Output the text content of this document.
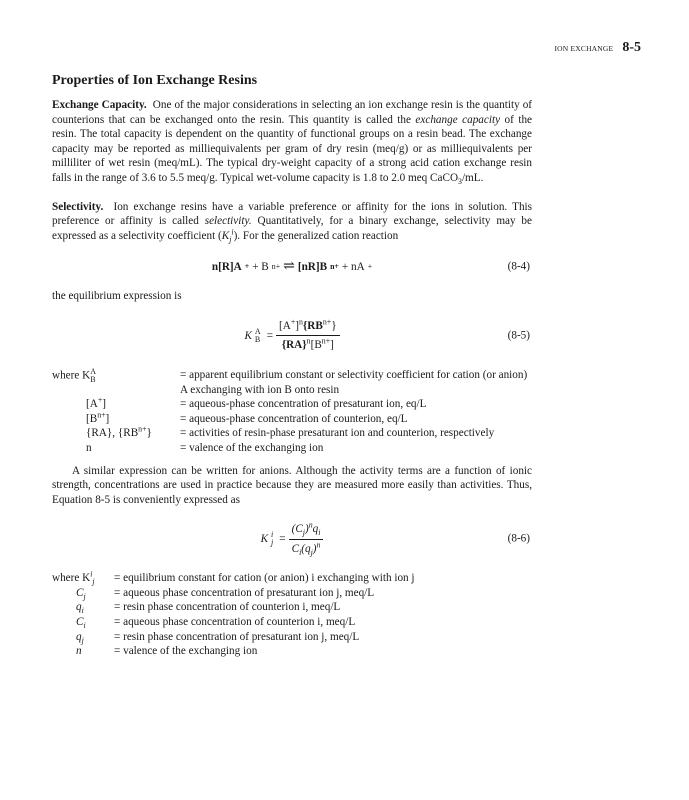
ION EXCHANGE 8-5
Properties of Ion Exchange Resins

Exchange Capacity. One of the major considerations in selecting an ion exchange resin is the quantity of counterions that can be exchanged onto the resin. This quantity is called the exchange capacity of the resin. The total capacity is dependent on the quantity of functional groups on a resin bead. The exchange capacity may be reported as milliequivalents per gram of dry resin (meq/g) or as milliequivalents per milliliter of wet resin (meq/mL). The typical dry-weight capacity of a strong acid cation exchange resin falls in the range of 3.6 to 5.5 meq/g. Typical wet-volume capacity is 1.8 to 2.0 meq CaCO$_3$/mL.

Selectivity. Ion exchange resins have a variable preference or affinity for the ions in solution. This preference or affinity is called selectivity. Quantitatively, for a binary exchange, selectivity may be expressed as a selectivity coefficient $(K_j^i)$. For the generalized cation reaction

n[R]A + + B n+ ⇌ [nR]B n+ + nA +	(8-4)

the equilibrium expression is

K A
$B = \frac{[A^+]^n\{RB^{n+}\}}{\{RA\}^n[B^{n+}]}$	(8-5)
where K A
B	= apparent equilibrium constant or selectivity coefficient for cation (or anion) A exchanging with ion B onto resin
[A+]	= aqueous-phase concentration of presaturant ion, eq/L
$[B^{n+}]$	= aqueous-phase concentration of counterion, eq/L
{RA}, $\{RB^{n+}\}$	= activities of resin-phase presaturant ion and counterion, respectively
n	= valence of the exchanging ion

A similar expression can be written for anions. Although the activity terms are a function of ionic strength, concentrations are used in practice because they are measured more easily than activities. Thus, Equation 8-5 is conveniently expressed as

K i
$j = \frac{(C_j)^nq_i}{C_i(q_j)^n}$	(8-6)
where $K^i_j$	= equilibrium constant for cation (or anion) i exchanging with ion j
$C_j$	= aqueous phase concentration of presaturant ion j, meq/L
$q_i$	= resin phase concentration of counterion i, meq/L
$C_i$	= aqueous phase concentration of counterion i, meq/L
$q_j$	= resin phase concentration of presaturant ion j, meq/L
n	= valence of the exchanging ion
